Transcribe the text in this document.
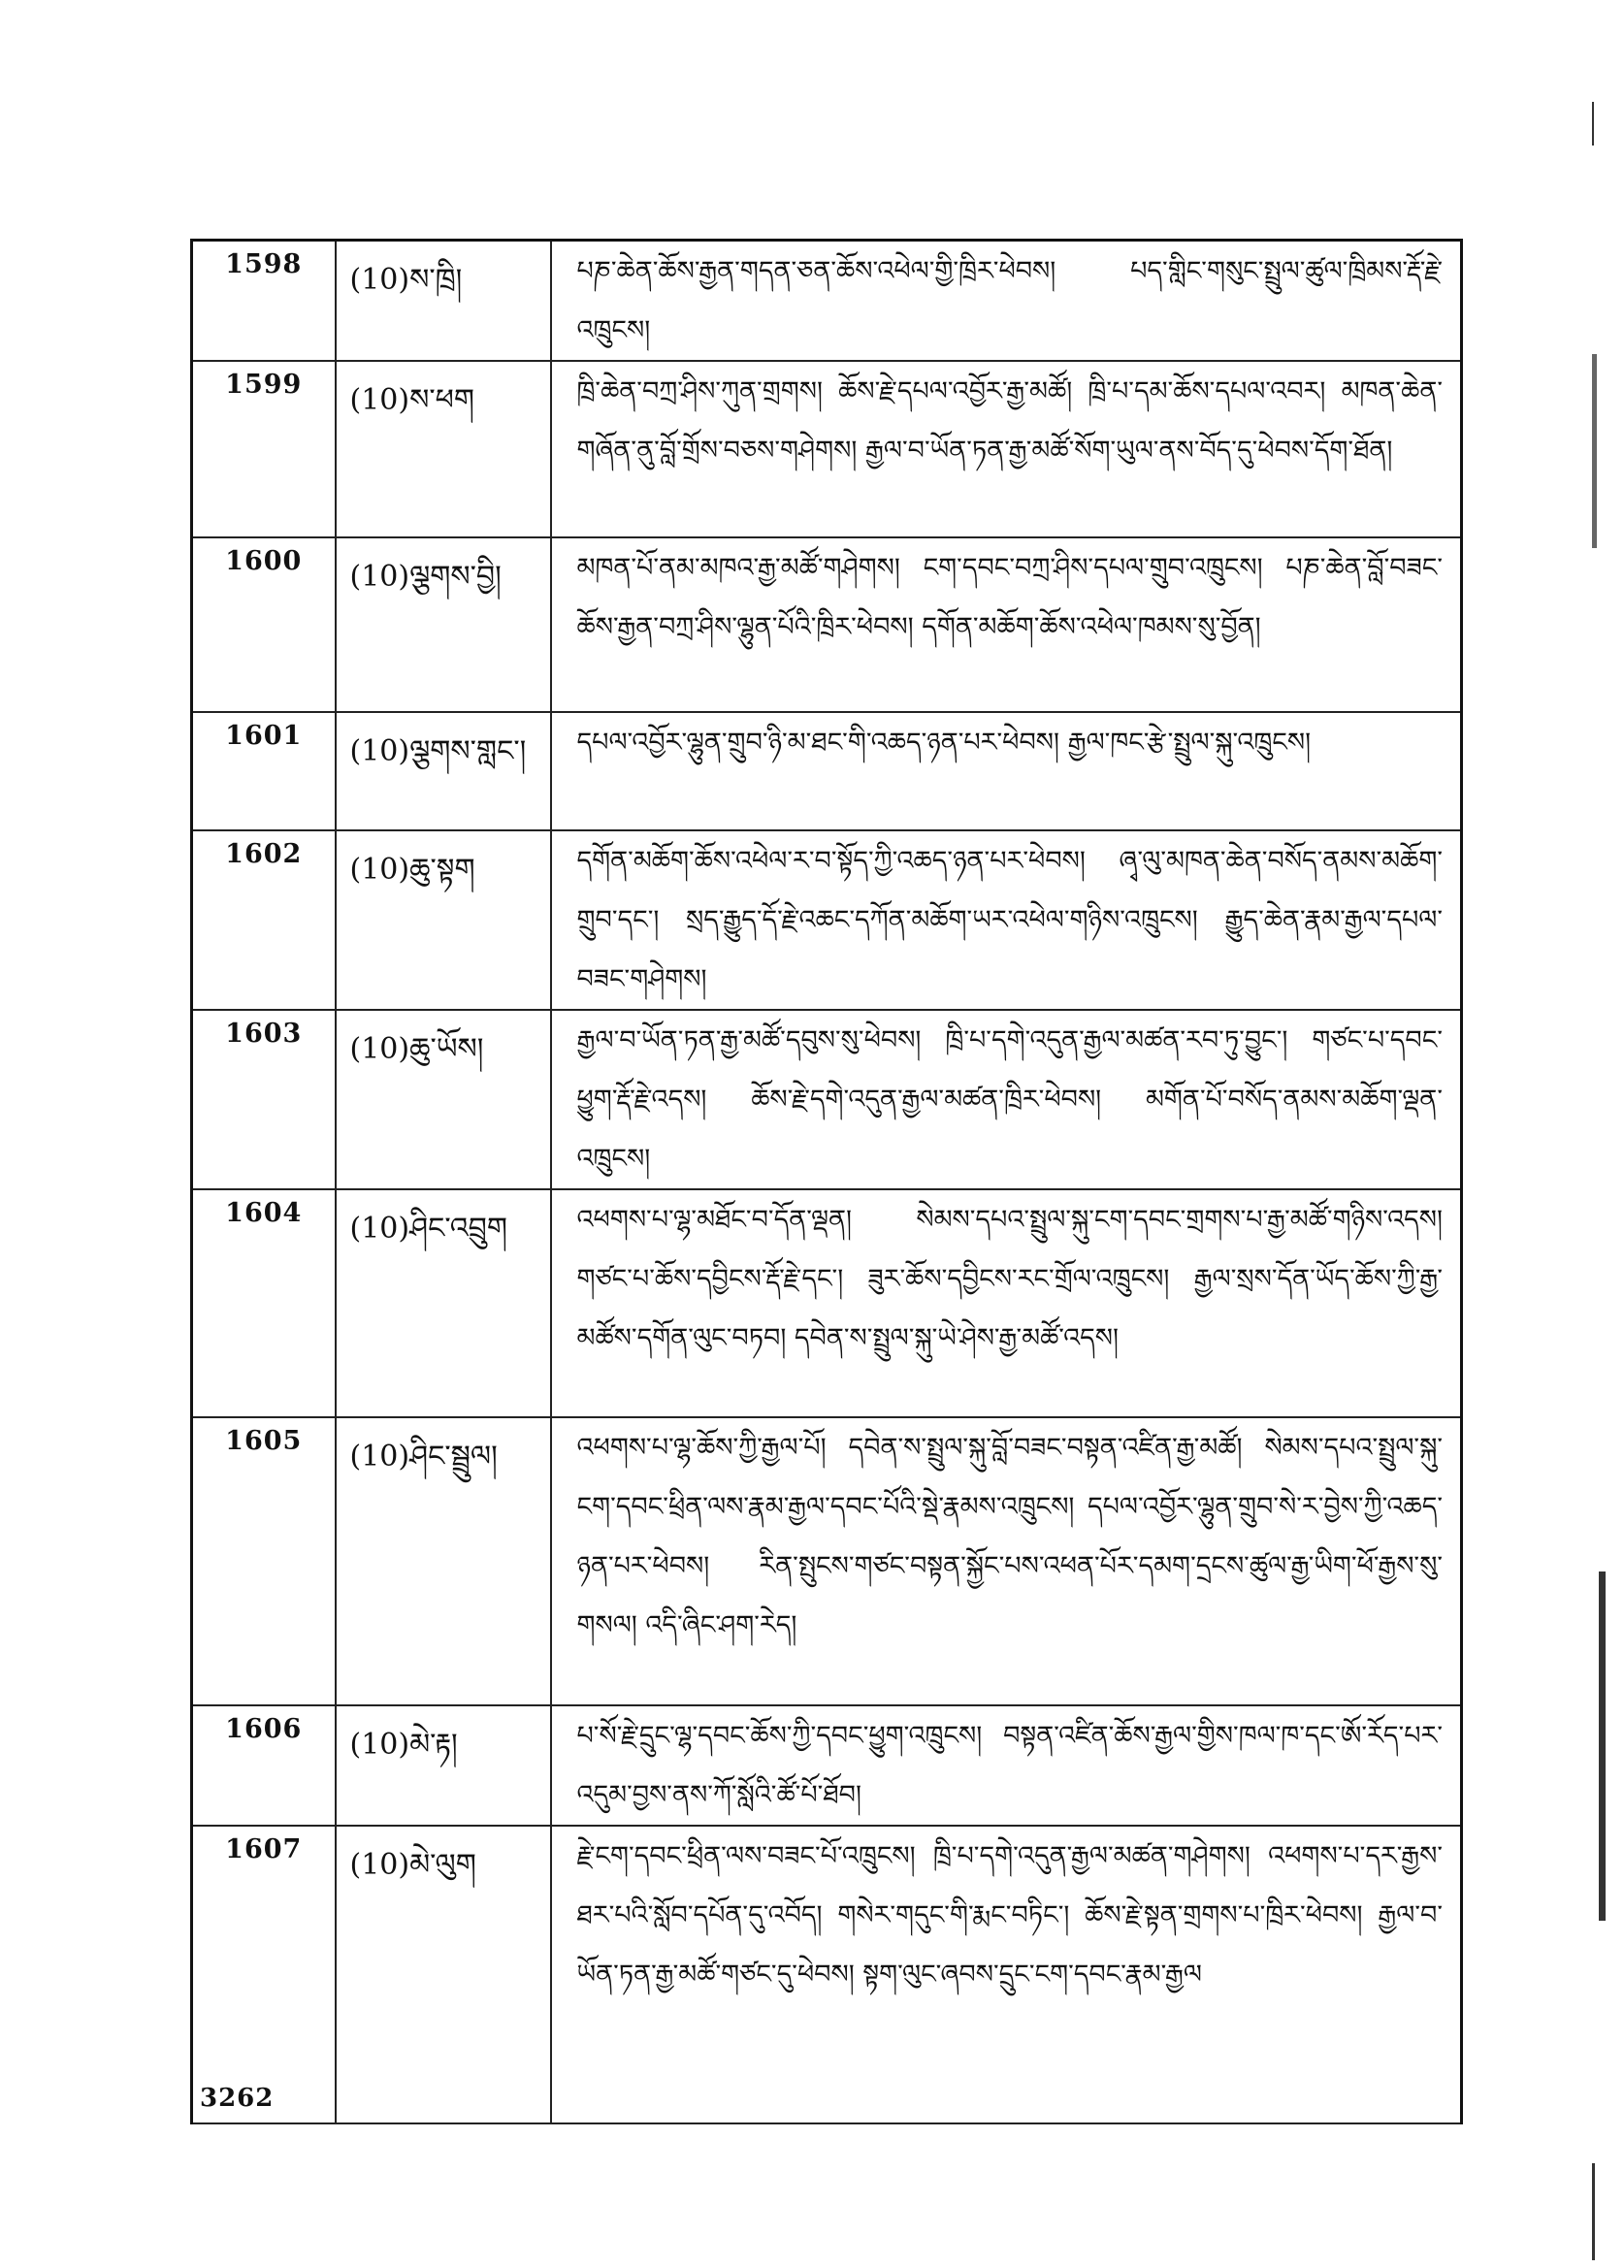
1598	(10)ས་ཁྲི།	པཎ་ཆེན་ཆོས་རྒྱན་གདན་ཅན་ཆོས་འཕེལ་གྱི་ཁྲིར་ཕེབས། པད་གླིང་གསུང་སྤྲུལ་ཚུལ་ཁྲིམས་རྡོ་རྗེ་འཁྲུངས།
1599	(10)ས་ཕག	ཁྲི་ཆེན་བཀྲ་ཤིས་ཀུན་གྲགས། ཆོས་རྗེ་དཔལ་འབྱོར་རྒྱ་མཚོ། ཁྲི་པ་དམ་ཆོས་དཔལ་འབར། མཁན་ཆེན་གཞོན་ནུ་བློ་གྲོས་བཅས་གཤེགས། རྒྱལ་བ་ཡོན་ཏན་རྒྱ་མཚོ་སོག་ཡུལ་ནས་བོད་དུ་ཕེབས་དོག་ཐོན།
1600	(10)ལྕགས་བྱི།	མཁན་པོ་ནམ་མཁའ་རྒྱ་མཚོ་གཤེགས། ངག་དབང་བཀྲ་ཤིས་དཔལ་གྲུབ་འཁྲུངས། པཎ་ཆེན་བློ་བཟང་ཆོས་རྒྱན་བཀྲ་ཤིས་ལྷུན་པོའི་ཁྲིར་ཕེབས། དགོན་མཆོག་ཆོས་འཕེལ་ཁམས་སུ་བྱོན།
1601	(10)ལྕགས་གླང་།	དཔལ་འབྱོར་ལྷུན་གྲུབ་ཉི་མ་ཐང་གི་འཆད་ཉན་པར་ཕེབས། རྒྱལ་ཁང་རྩེ་སྤྲུལ་སྐུ་འཁྲུངས།
1602	(10)ཆུ་སྟག	དགོན་མཆོག་ཆོས་འཕེལ་ར་བ་སྟོད་ཀྱི་འཆད་ཉན་པར་ཕེབས། ཞྭ་ལུ་མཁན་ཆེན་བསོད་ནམས་མཆོག་གྲུབ་དང་། སྲད་རྒྱུད་དོ་རྗེ་འཆང་དཀོན་མཆོག་ཡར་འཕེལ་གཉིས་འཁྲུངས། རྒྱུད་ཆེན་རྣམ་རྒྱལ་དཔལ་བཟང་གཤེགས།
1603	(10)ཆུ་ཡོས།	རྒྱལ་བ་ཡོན་ཏན་རྒྱ་མཚོ་དབུས་སུ་ཕེབས། ཁྲི་པ་དགེ་འདུན་རྒྱལ་མཚན་རབ་ཏུ་བྱུང་། གཙང་པ་དབང་ཕྱུག་རྡོ་རྗེ་འདས། ཆོས་རྗེ་དགེ་འདུན་རྒྱལ་མཚན་ཁྲིར་ཕེབས། མགོན་པོ་བསོད་ནམས་མཆོག་ལྡན་འཁྲུངས།
1604	(10)ཤིང་འབྲུག	འཕགས་པ་ལྷ་མཐོང་བ་དོན་ལྡན། སེམས་དཔའ་སྤྲུལ་སྐུ་ངག་དབང་གྲགས་པ་རྒྱ་མཚོ་གཉིས་འདས། གཙང་པ་ཆོས་དབྱིངས་རྡོ་རྗེ་དང་། ཟུར་ཆོས་དབྱིངས་རང་གྲོལ་འཁྲུངས། རྒྱལ་སྲས་དོན་ཡོད་ཆོས་ཀྱི་རྒྱ་མཚོས་དགོན་ལུང་བཏབ། དབེན་ས་སྤྲུལ་སྐུ་ཡེ་ཤེས་རྒྱ་མཚོ་འདས།
1605	(10)ཤིང་སྦྲུལ།	འཕགས་པ་ལྷ་ཆོས་ཀྱི་རྒྱལ་པོ། དབེན་ས་སྤྲུལ་སྐུ་བློ་བཟང་བསྟན་འཛིན་རྒྱ་མཚོ། སེམས་དཔའ་སྤྲུལ་སྐུ་ངག་དབང་ཕྲིན་ལས་རྣམ་རྒྱལ་དབང་པོའི་སྡེ་རྣམས་འཁྲུངས། དཔལ་འབྱོར་ལྷུན་གྲུབ་སེ་ར་བྱེས་ཀྱི་འཆད་ཉན་པར་ཕེབས། རིན་སྤུངས་གཙང་བསྟན་སྐྱོང་པས་འཕན་པོར་དམག་དྲངས་ཚུལ་རྒྱ་ཡིག་ཕོ་རྒྱས་སུ་གསལ། འདི་ཞིང་ཤག་རེད།
1606	(10)མེ་རྟ།	པ་སོ་རྗེ་དྲུང་ལྷ་དབང་ཆོས་ཀྱི་དབང་ཕྱུག་འཁྲུངས། བསྟན་འཛིན་ཆོས་རྒྱལ་གྱིས་ཁལ་ཁ་དང་ཨོ་རོད་པར་འདུམ་བྱས་ནས་ཀོ་སློའི་ཚོ་པོ་ཐོབ།
1607	(10)མེ་ལུག	རྗེ་ངག་དབང་ཕྲིན་ལས་བཟང་པོ་འཁྲུངས། ཁྲི་པ་དགེ་འདུན་རྒྱལ་མཚན་གཤེགས། འཕགས་པ་དར་རྒྱས་ཐར་པའི་སློབ་དཔོན་དུ་འབོད། གསེར་གདུང་གི་རྨང་བཏིང་། ཆོས་རྗེ་སྟན་གྲགས་པ་ཁྲིར་ཕེབས། རྒྱལ་བ་ཡོན་ཏན་རྒྱ་མཚོ་གཙང་དུ་ཕེབས། སྟག་ལུང་ཞབས་དྲུང་ངག་དབང་རྣམ་རྒྱལ
3262
